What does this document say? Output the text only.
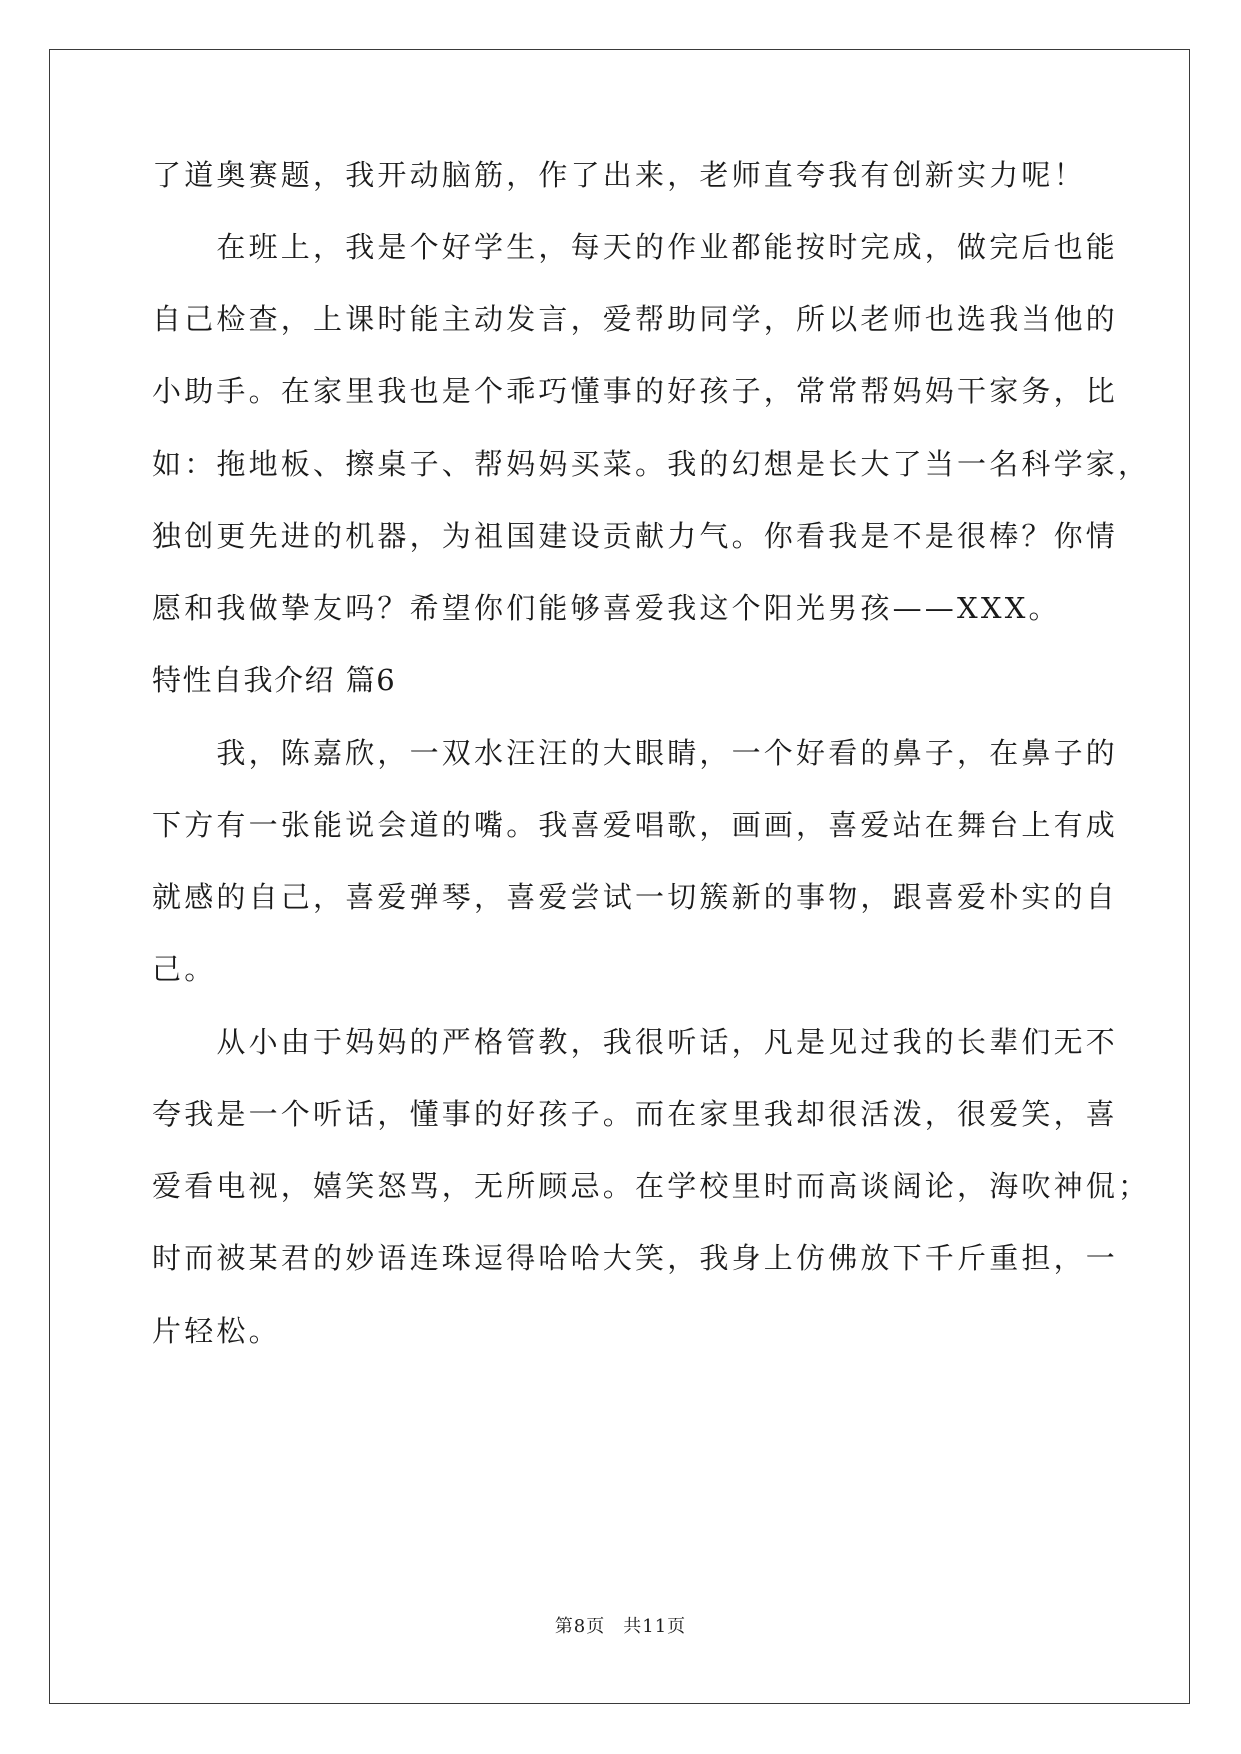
了道奥赛题，我开动脑筋，作了出来，老师直夸我有创新实力呢！
　　在班上，我是个好学生，每天的作业都能按时完成，做完后也能
自己检查，上课时能主动发言，爱帮助同学，所以老师也选我当他的
小助手。在家里我也是个乖巧懂事的好孩子，常常帮妈妈干家务，比
如：拖地板、擦桌子、帮妈妈买菜。我的幻想是长大了当一名科学家，
独创更先进的机器，为祖国建设贡献力气。你看我是不是很棒？你情
愿和我做挚友吗？希望你们能够喜爱我这个阳光男孩——XXX。
特性自我介绍 篇6
　　我，陈嘉欣，一双水汪汪的大眼睛，一个好看的鼻子，在鼻子的
下方有一张能说会道的嘴。我喜爱唱歌，画画，喜爱站在舞台上有成
就感的自己，喜爱弹琴，喜爱尝试一切簇新的事物，跟喜爱朴实的自
己。
　　从小由于妈妈的严格管教，我很听话，凡是见过我的长辈们无不
夸我是一个听话，懂事的好孩子。而在家里我却很活泼，很爱笑，喜
爱看电视，嬉笑怒骂，无所顾忌。在学校里时而高谈阔论，海吹神侃；
时而被某君的妙语连珠逗得哈哈大笑，我身上仿佛放下千斤重担，一
片轻松。
第8页 共11页
